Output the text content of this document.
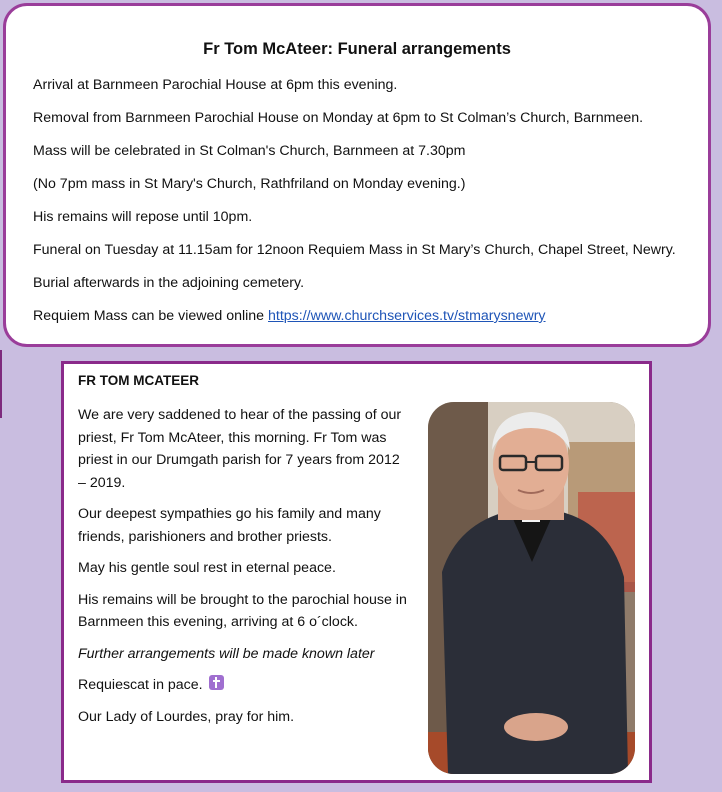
Fr Tom McAteer: Funeral arrangements
Arrival at Barnmeen Parochial House at 6pm this evening.
Removal from Barnmeen Parochial House on Monday at 6pm to St Colman’s Church, Barnmeen.
Mass will be celebrated in St Colman's Church, Barnmeen at 7.30pm
(No 7pm mass in St Mary's Church, Rathfriland on Monday evening.)
His remains will repose until 10pm.
Funeral on Tuesday at 11.15am for 12noon Requiem Mass in St Mary’s Church, Chapel Street, Newry.
Burial afterwards in the adjoining cemetery.
Requiem Mass can be viewed online https://www.churchservices.tv/stmarysnewry
FR TOM MCATEER

We are very saddened to hear of the passing of our priest, Fr Tom McAteer, this morning. Fr Tom was priest in our Drumgath parish for 7 years from 2012 – 2019.

Our deepest sympathies go his family and many friends, parishioners and brother priests.

May his gentle soul rest in eternal peace.

His remains will be brought to the parochial house in Barnmeen this evening, arriving at 6 o´clock.

Further arrangements will be made known later

Requiescat in pace.

Our Lady of Lourdes, pray for him.
